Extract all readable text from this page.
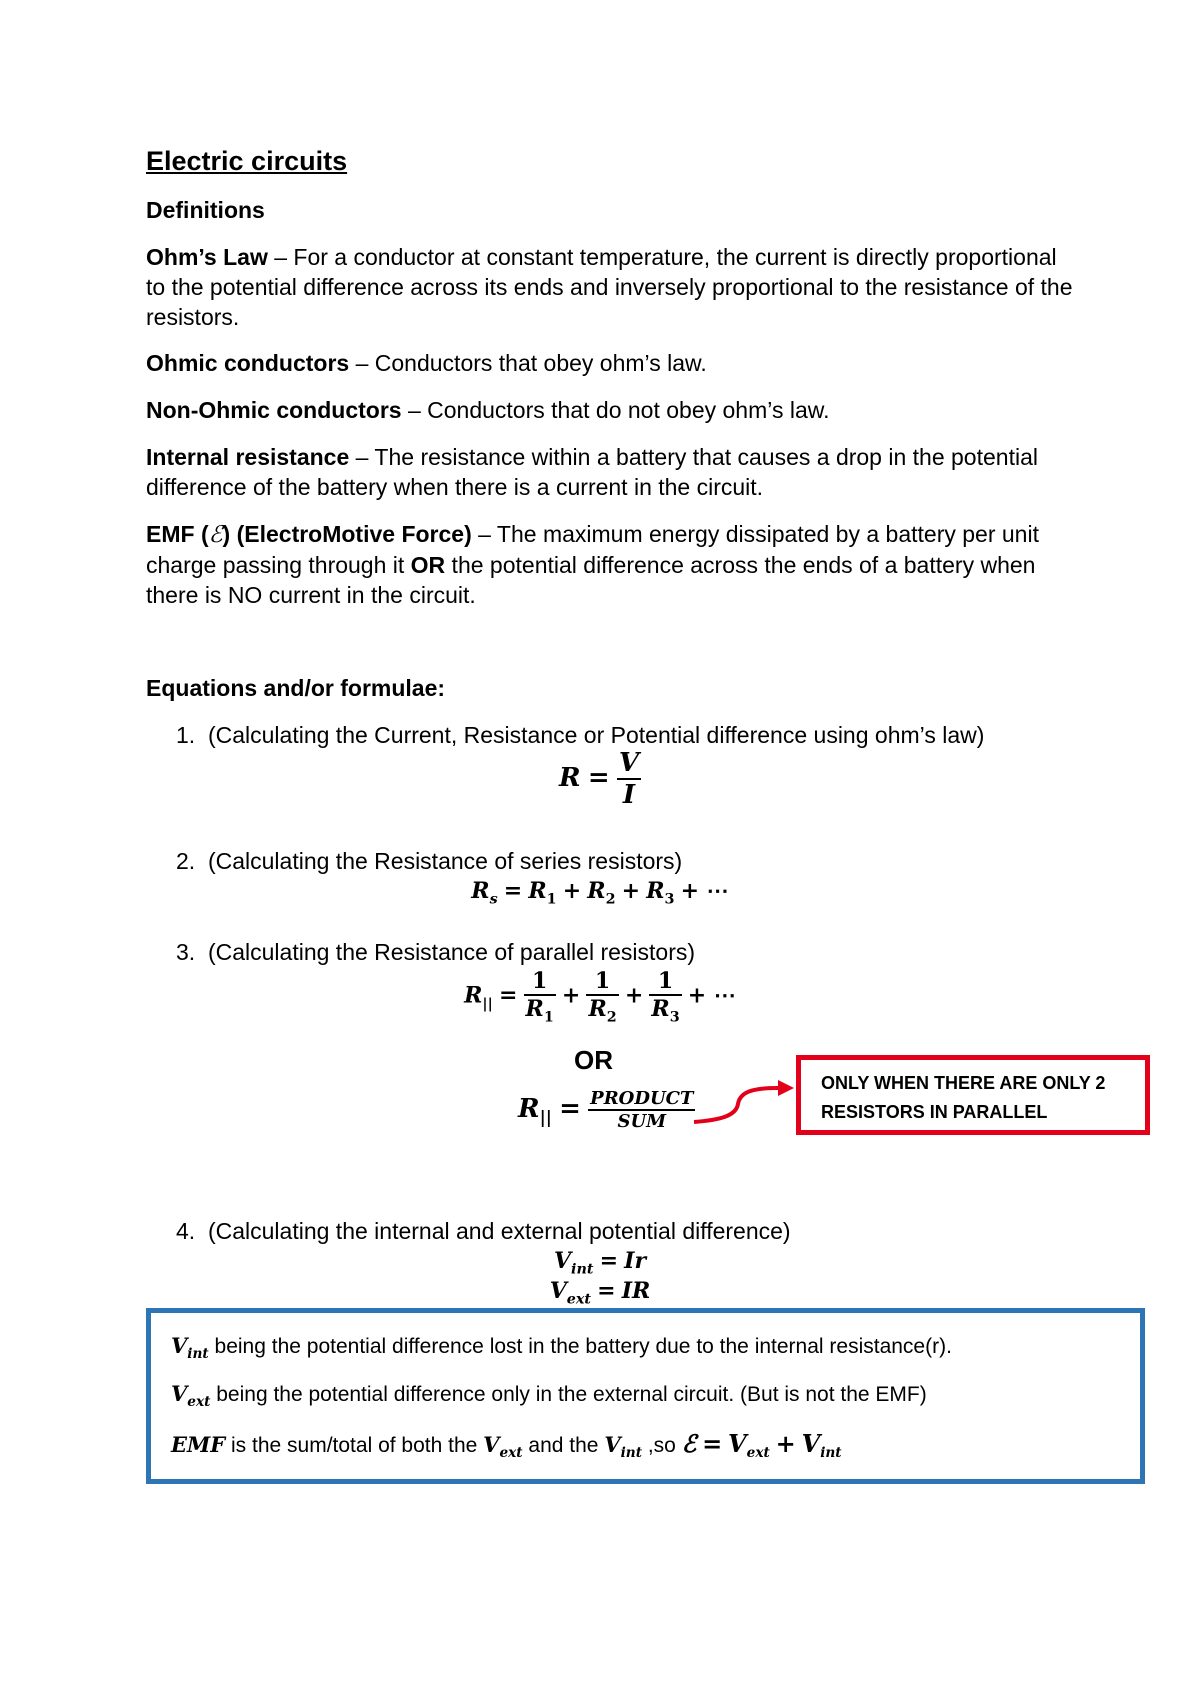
Electric circuits
Definitions
Ohm’s Law – For a conductor at constant temperature, the current is directly proportional to the potential difference across its ends and inversely proportional to the resistance of the resistors.
Ohmic conductors – Conductors that obey ohm’s law.
Non-Ohmic conductors – Conductors that do not obey ohm’s law.
Internal resistance – The resistance within a battery that causes a drop in the potential difference of the battery when there is a current in the circuit.
EMF (ℰ) (ElectroMotive Force) – The maximum energy dissipated by a battery per unit charge passing through it OR the potential difference across the ends of a battery when there is NO current in the circuit.
Equations and/or formulae:
1. (Calculating the Current, Resistance or Potential difference using ohm’s law)
$R = \frac{V}{I}$
2. (Calculating the Resistance of series resistors)
$R_s = R_1 + R_2 + R_3$ + ⋯
3. (Calculating the Resistance of parallel resistors)
$R_{||} = \frac{1}{R_1} + \frac{1}{R_2} + \frac{1}{R_3}$ + ⋯
OR
$R_{||} = \frac{\text{PRODUCT}}{\text{SUM}}$
ONLY WHEN THERE ARE ONLY 2
RESISTORS IN PARALLEL
4. (Calculating the internal and external potential difference)
$V_{int} = Ir$
$V_{ext}$ = IR
$V_{int}$ being the potential difference lost in the battery due to the internal resistance(r).
$V_{ext}$ being the potential difference only in the external circuit. (But is not the EMF)
EMF is the sum/total of both the $V_{ext}$ and the $V_{int}$ ,so ℰ = $V_{ext} + V_{int}$
